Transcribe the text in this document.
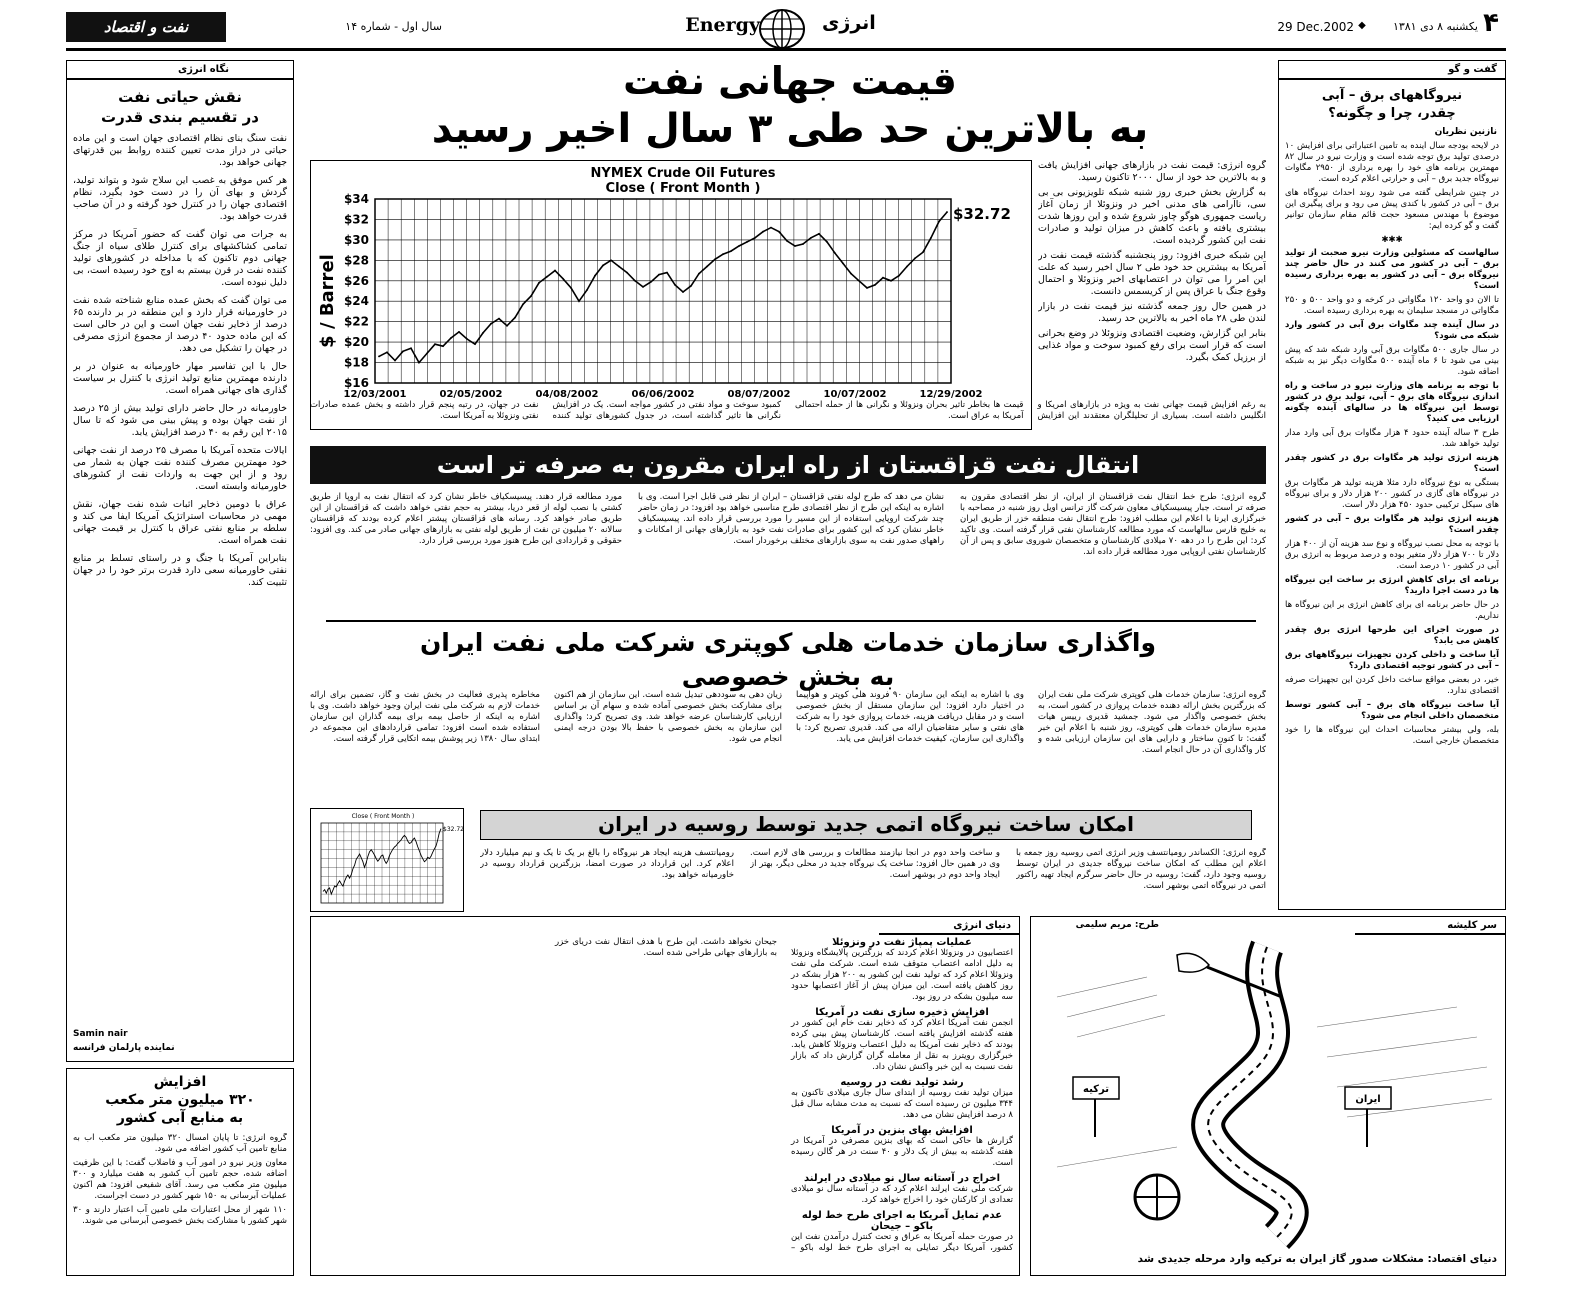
نفت و اقتصاد	سال اول - شماره ۱۴	Energy	انرژی	29 Dec.2002 ◆	یکشنبه ۸ دی ۱۳۸۱ ۴
قیمت جهانی نفت
به بالاترین حد طی ۳ سال اخیر رسید
NYMEX Crude Oil Futures
Close ( Front Month )
$ / Barrel
$34
$32
$30
$28
$26
$24
$22
$20
$18
$16
12/03/2001	02/05/2002	04/08/2002	06/06/2002	08/07/2002	10/07/2002	12/29/2002
$32.72

گروه انرژی: قیمت نفت در بازارهای جهانی افزایش یافت و به بالاترین حد خود از سال ۲۰۰۰ تاکنون رسید.

به گزارش بخش خبری روز شنبه شبکه تلویزیونی بی بی سی، ناآرامی های مدنی اخیر در ونزوئلا از زمان آغاز ریاست جمهوری هوگو چاوز شروع شده و این روزها شدت بیشتری یافته و باعث کاهش در میزان تولید و صادرات نفت این کشور گردیده است.

این شبکه خبری افزود: روز پنجشنبه گذشته قیمت نفت در آمریکا به بیشترین حد خود طی ۲ سال اخیر رسید که علت این امر را می توان در اعتصابهای اخیر ونزوئلا و احتمال وقوع جنگ با عراق پس از کریسمس دانست.

در همین حال روز جمعه گذشته نیز قیمت نفت در بازار لندن طی ۲۸ ماه اخیر به بالاترین حد رسید.

بنابر این گزارش، وضعیت اقتصادی ونزوئلا در وضع بحرانی است که قرار است برای رفع کمبود سوخت و مواد غذایی از برزیل کمک بگیرد.

به رغم افزایش قیمت جهانی نفت به ویژه در بازارهای آمریکا و انگلیس داشته است. بسیاری از تحلیلگران معتقدند این افزایش قیمت ها بخاطر تاثیر بحران ونزوئلا و نگرانی ها از حمله احتمالی آمریکا به عراق است.

کمبود سوخت و مواد نفتی در کشور مواجه است. یک در افزایش نگرانی ها تاثیر گذاشته است، در جدول کشورهای تولید کننده نفت در جهان، در رتبه پنجم قرار داشته و بخش عمده صادرات نفتی ونزوئلا به آمریکا است.

انتقال نفت قزاقستان از راه ایران مقرون به صرفه تر است
گروه انرژی: طرح خط انتقال نفت قزاقستان از ایران، از نظر اقتصادی مقرون به صرفه تر است. جبار پیسیسکیاف معاون شرکت گاز ترانس اویل روز شنبه در مصاحبه با خبرگزاری ایرنا با اعلام این مطلب افزود: طرح انتقال نفت منطقه خزر از طریق ایران به خلیج فارس سالهاست که مورد مطالعه کارشناسان نفتی قرار گرفته است. وی تاکید کرد: این طرح را در دهه ۷۰ میلادی کارشناسان و متخصصان شوروی سابق و پس از آن کارشناسان نفتی اروپایی مورد مطالعه قرار داده اند.
نشان می دهد که طرح لوله نفتی قزاقستان – ایران از نظر فنی قابل اجرا است. وی با اشاره به اینکه این طرح از نظر اقتصادی طرح مناسبی خواهد بود افزود: در زمان حاضر چند شرکت اروپایی استفاده از این مسیر را مورد بررسی قرار داده اند. پیسیسکیاف خاطر نشان کرد که این کشور برای صادرات نفت خود به بازارهای جهانی از امکانات و راههای صدور نفت به سوی بازارهای مختلف برخوردار است.
مورد مطالعه قرار دهند. پیسیسکیاف خاطر نشان کرد که انتقال نفت به اروپا از طریق کشتی با نصب لوله از قعر دریا، بیشتر به حجم نفتی خواهد داشت که قزاقستان از این طریق صادر خواهد کرد. رسانه های قزاقستان پیشتر اعلام کرده بودند که قزاقستان سالانه ۲۰ میلیون تن نفت از طریق لوله نفتی به بازارهای جهانی صادر می کند. وی افزود: حقوقی و قراردادی این طرح هنوز مورد بررسی قرار دارد.
واگذاری سازمان خدمات هلی کوپتری شرکت ملی نفت ایران
به بخش خصوصی
گروه انرژی: سازمان خدمات هلی کوپتری شرکت ملی نفت ایران که بزرگترین بخش ارائه دهنده خدمات پروازی در کشور است، به بخش خصوصی واگذار می شود. جمشید قدیری رییس هیات مدیره سازمان خدمات هلی کوپتری، روز شنبه با اعلام این خبر گفت: تا کنون ساختار و دارایی های این سازمان ارزیابی شده و کار واگذاری آن در حال انجام است.
وی با اشاره به اینکه این سازمان ۹۰ فروند هلی کوپتر و هواپیما در اختیار دارد افزود: این سازمان مستقل از بخش خصوصی است و در مقابل دریافت هزینه، خدمات پروازی خود را به شرکت های نفتی و سایر متقاضیان ارائه می کند. قدیری تصریح کرد: با واگذاری این سازمان، کیفیت خدمات افزایش می یابد.
زیان دهی به سوددهی تبدیل شده است. این سازمان از هم اکنون برای مشارکت بخش خصوصی آماده شده و سهام آن بر اساس ارزیابی کارشناسان عرضه خواهد شد. وی تصریح کرد: واگذاری این سازمان به بخش خصوصی با حفظ بالا بودن درجه ایمنی انجام می شود.
مخاطره پذیری فعالیت در بخش نفت و گاز، تضمین برای ارائه خدمات لازم به شرکت ملی نفت ایران وجود خواهد داشت. وی با اشاره به اینکه از حاصل بیمه برای بیمه گذاران این سازمان استفاده شده است افزود: تمامی قراردادهای این مجموعه در ابتدای سال ۱۳۸۰ زیر پوشش بیمه اتکایی قرار گرفته است.
Close ( Front Month )
$32.72	امکان ساخت نیروگاه اتمی جدید توسط روسیه در ایران
گروه انرژی: الکساندر رومیانتسف وزیر انرژی اتمی روسیه روز جمعه با اعلام این مطلب که امکان ساخت نیروگاه جدیدی در ایران توسط روسیه وجود دارد، گفت: روسیه در حال حاضر سرگرم ایجاد تهیه راکتور اتمی در نیروگاه اتمی بوشهر است.
و ساخت واحد دوم در آنجا نیازمند مطالعات و بررسی های لازم است. وی در همین حال افزود: ساخت یک نیروگاه جدید در محلی دیگر، بهتر از ایجاد واحد دوم در بوشهر است.
رومیانتسف هزینه ایجاد هر نیروگاه را بالغ بر یک تا یک و نیم میلیارد دلار اعلام کرد. این قرارداد در صورت امضا، بزرگترین قرارداد روسیه در خاورمیانه خواهد بود.
دنیای انرژی
عملیات پمپاژ نفت در ونزوئلا

اعتصابیون در ونزوئلا اعلام کردند که بزرگترین پالایشگاه ونزوئلا به دلیل ادامه اعتصاب متوقف شده است. شرکت ملی نفت ونزوئلا اعلام کرد که تولید نفت این کشور به ۲۰۰ هزار بشکه در روز کاهش یافته است. این میزان پیش از آغاز اعتصابها حدود سه میلیون بشکه در روز بود.

افزایش ذخیره سازی نفت در آمریکا

انجمن نفت آمریکا اعلام کرد که ذخایر نفت خام این کشور در هفته گذشته افزایش یافته است. کارشناسان پیش بینی کرده بودند که ذخایر نفت آمریکا به دلیل اعتصاب ونزوئلا کاهش یابد. خبرگزاری رویترز به نقل از معامله گران گزارش داد که بازار نفت نسبت به این خبر واکنش نشان داد.

رشد تولید نفت در روسیه

میزان تولید نفت روسیه از ابتدای سال جاری میلادی تاکنون به ۳۴۴ میلیون تن رسیده است که نسبت به مدت مشابه سال قبل ۸ درصد افزایش نشان می دهد.

افزایش بهای بنزین در آمریکا

گزارش ها حاکی است که بهای بنزین مصرفی در آمریکا در هفته گذشته به بیش از یک دلار و ۴۰ سنت در هر گالن رسیده است.

اخراج در آستانه سال نو میلادی در ایرلند

شرکت ملی نفت ایرلند اعلام کرد که در آستانه سال نو میلادی تعدادی از کارکنان خود را اخراج خواهد کرد.

عدم تمایل آمریکا به اجرای طرح خط لوله باکو – جیحان

در صورت حمله آمریکا به عراق و تحت کنترل درآمدن نفت این کشور، آمریکا دیگر تمایلی به اجرای طرح خط لوله باکو – جیحان نخواهد داشت. این طرح با هدف انتقال نفت دریای خزر به بازارهای جهانی طراحی شده است.

سر کلیشه
طرح: مریم سلیمی
ایران
ترکیه
دنیای اقتصاد: مشکلات صدور گاز ایران به ترکیه وارد مرحله جدیدی شد
نگاه انرژی
نقش حیاتی نفت
در تقسیم بندی قدرت

نفت سنگ بنای نظام اقتصادی جهان است و این ماده حیاتی در دراز مدت تعیین کننده روابط بین قدرتهای جهانی خواهد بود.

هر کس موفق به غصب این سلاح شود و بتواند تولید، گردش و بهای آن را در دست خود بگیرد، نظام اقتصادی جهان را در کنترل خود گرفته و در آن صاحب قدرت خواهد بود.

به جرات می توان گفت که حضور آمریکا در مرکز تمامی کشاکشهای برای کنترل طلای سیاه از جنگ جهانی دوم تاکنون که با مداخله در کشورهای تولید کننده نفت در قرن بیستم به اوج خود رسیده است، بی دلیل نبوده است.

می توان گفت که بخش عمده منابع شناخته شده نفت در خاورمیانه قرار دارد و این منطقه در بر دارنده ۶۵ درصد از ذخایر نفت جهان است و این در حالی است که این ماده حدود ۴۰ درصد از مجموع انرژی مصرفی در جهان را تشکیل می دهد.

حال با این تفاسیر مهار خاورمیانه به عنوان در بر دارنده مهمترین منابع تولید انرژی با کنترل بر سیاست گذاری های جهانی همراه است.

خاورمیانه در حال حاضر دارای تولید بیش از ۲۵ درصد از نفت جهان بوده و پیش بینی می شود که تا سال ۲۰۱۵ این رقم به ۴۰ درصد افزایش یابد.

ایالات متحده آمریکا با مصرف ۲۵ درصد از نفت جهانی خود مهمترین مصرف کننده نفت جهان به شمار می رود و از این جهت به واردات نفت از کشورهای خاورمیانه وابسته است.

عراق با دومین ذخایر اثبات شده نفت جهان، نقش مهمی در محاسبات استراتژیک آمریکا ایفا می کند و سلطه بر منابع نفتی عراق با کنترل بر قیمت جهانی نفت همراه است.

بنابراین آمریکا با جنگ و در راستای تسلط بر منابع نفتی خاورمیانه سعی دارد قدرت برتر خود را در جهان تثبیت کند.

Samin nair
نماینده پارلمان فرانسه
افزایش
۳۲۰ میلیون متر مکعب
به منابع آبی کشور

گروه انرژی: تا پایان امسال ۳۲۰ میلیون متر مکعب آب به منابع تامین آب کشور اضافه می شود.

معاون وزیر نیرو در امور آب و فاضلاب گفت: با این ظرفیت اضافه شده، حجم تامین آب کشور به هفت میلیارد و ۳۰۰ میلیون متر مکعب می رسد. آقای شفیعی افزود: هم اکنون عملیات آبرسانی به ۱۵۰ شهر کشور در دست اجراست.

۱۱۰ شهر از محل اعتبارات ملی تامین آب اعتبار دارند و ۳۰ شهر کشور با مشارکت بخش خصوصی آبرسانی می شوند.

گفت و گو
نیروگاههای برق – آبی
چقدر، چرا و چگونه؟
نازنین نظریان

در لایحه بودجه سال آینده به تامین اعتباراتی برای افزایش ۱۰ درصدی تولید برق توجه شده است و وزارت نیرو در سال ۸۲ مهمترین برنامه های خود را بهره برداری از ۲۹۵۰ مگاوات نیروگاه جدید برق – آبی و حرارتی اعلام کرده است.

در چنین شرایطی گفته می شود روند احداث نیروگاه های برق – آبی در کشور با کندی پیش می رود و برای پیگیری این موضوع با مهندس مسعود حجت قائم مقام سازمان توانیر گفت و گو کرده ایم:

✱✱✱

سالهاست که مسئولین وزارت نیرو صحبت از تولید برق – آبی در کشور می کنند در حال حاضر چند نیروگاه برق – آبی در کشور به بهره برداری رسیده است؟

تا الان دو واحد ۱۲۰ مگاواتی در کرخه و دو واحد ۵۰۰ و ۲۵۰ مگاواتی در مسجد سلیمان به بهره برداری رسیده است.

در سال آینده چند مگاوات برق آبی در کشور وارد شبکه می شود؟

در سال جاری ۵۰۰ مگاوات برق آبی وارد شبکه شد که پیش بینی می شود تا ۶ ماه آینده ۵۰۰ مگاوات دیگر نیز به شبکه اضافه شود.

با توجه به برنامه های وزارت نیرو در ساخت و راه اندازی نیروگاه های برق – آبی، تولید برق در کشور توسط این نیروگاه ها در سالهای آینده چگونه ارزیابی می کنید؟

طرح ۳ ساله آینده حدود ۴ هزار مگاوات برق آبی وارد مدار تولید خواهد شد.

هزینه انرژی تولید هر مگاوات برق در کشور چقدر است؟

بستگی به نوع نیروگاه دارد مثلا هزینه تولید هر مگاوات برق در نیروگاه های گازی در کشور ۲۰۰ هزار دلار و برای نیروگاه های سیکل ترکیبی حدود ۴۵۰ هزار دلار است.

هزینه انرژی تولید هر مگاوات برق – آبی در کشور چقدر است؟

با توجه به محل نصب نیروگاه و نوع سد هزینه آن از ۴۰۰ هزار دلار تا ۷۰۰ هزار دلار متغیر بوده و درصد مربوط به انرژی برق آبی در کشور ۱۰ درصد است.

برنامه ای برای کاهش انرژی بر ساخت این نیروگاه ها در دست اجرا دارید؟

در حال حاضر برنامه ای برای کاهش انرژی بر این نیروگاه ها نداریم.

در صورت اجرای این طرحها انرژی برق چقدر کاهش می یابد؟

آیا ساخت و داخلی کردن تجهیزات نیروگاههای برق – آبی در کشور توجیه اقتصادی دارد؟

خیر، در بعضی مواقع ساخت داخل کردن این تجهیزات صرفه اقتصادی ندارد.

آیا ساخت نیروگاه های برق – آبی کشور توسط متخصصان داخلی انجام می شود؟

بله، ولی بیشتر محاسبات احداث این نیروگاه ها را خود متخصصان خارجی است.
